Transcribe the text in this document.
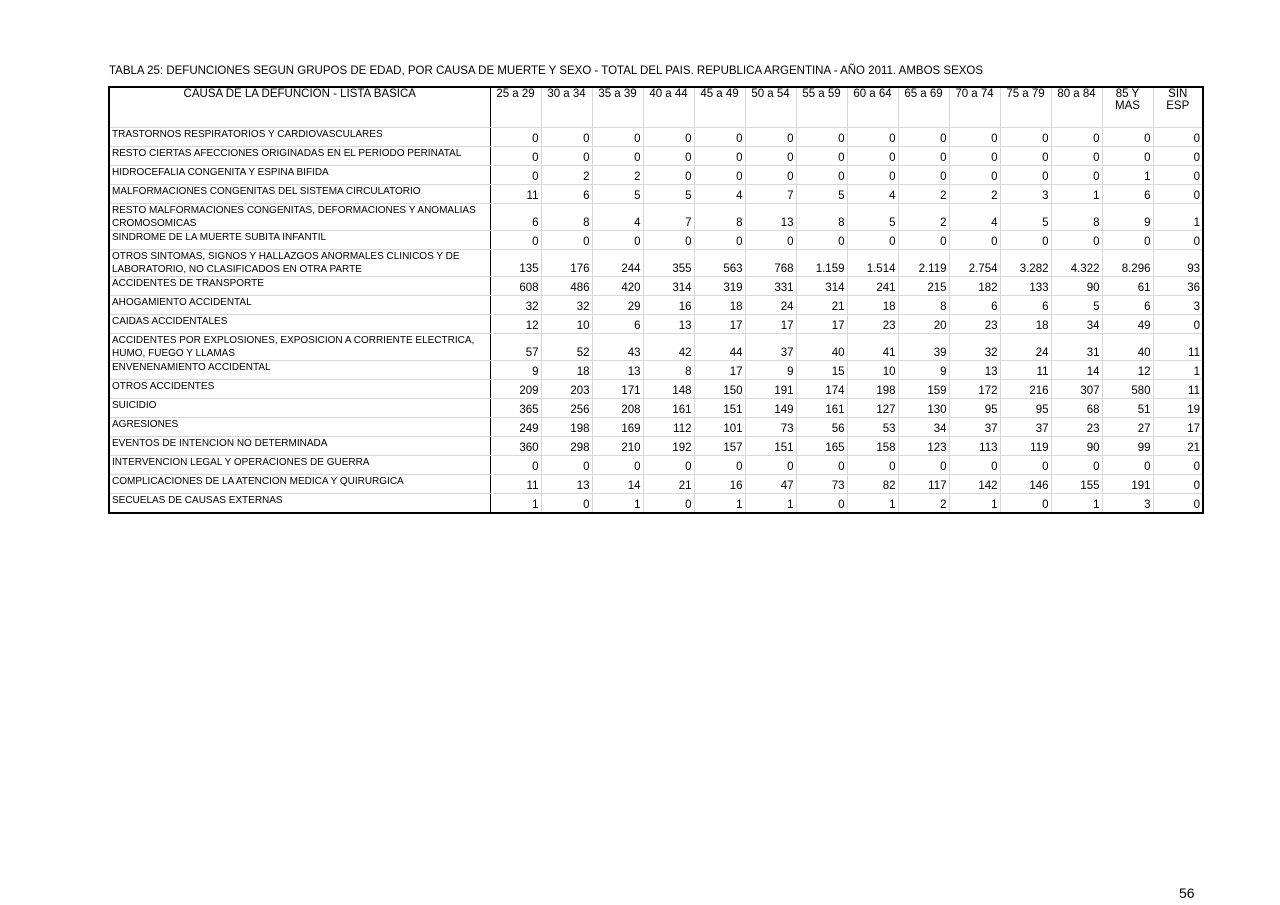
TABLA 25: DEFUNCIONES SEGUN GRUPOS DE EDAD, POR CAUSA DE MUERTE Y SEXO - TOTAL DEL PAIS. REPUBLICA ARGENTINA - AÑO 2011. AMBOS SEXOS
CAUSA DE LA DEFUNCION - LISTA BASICA	25 a 29	30 a 34	35 a 39	40 a 44	45 a 49	50 a 54	55 a 59	60 a 64	65 a 69	70 a 74	75 a 79	80 a 84	85 Y MAS	SIN ESP
TRASTORNOS RESPIRATORIOS Y CARDIOVASCULARES	0	0	0	0	0	0	0	0	0	0	0	0	0	0
RESTO CIERTAS AFECCIONES ORIGINADAS EN EL PERIODO PERINATAL	0	0	0	0	0	0	0	0	0	0	0	0	0	0
HIDROCEFALIA CONGENITA Y ESPINA BIFIDA	0	2	2	0	0	0	0	0	0	0	0	0	1	0
MALFORMACIONES CONGENITAS DEL SISTEMA CIRCULATORIO	11	6	5	5	4	7	5	4	2	2	3	1	6	0
RESTO MALFORMACIONES CONGENITAS, DEFORMACIONES Y ANOMALIAS CROMOSOMICAS	6	8	4	7	8	13	8	5	2	4	5	8	9	1
SINDROME DE LA MUERTE SUBITA INFANTIL	0	0	0	0	0	0	0	0	0	0	0	0	0	0
OTROS SINTOMAS, SIGNOS Y HALLAZGOS ANORMALES CLINICOS Y DE LABORATORIO, NO CLASIFICADOS EN OTRA PARTE	135	176	244	355	563	768	1.159	1.514	2.119	2.754	3.282	4.322	8.296	93
ACCIDENTES DE TRANSPORTE	608	486	420	314	319	331	314	241	215	182	133	90	61	36
AHOGAMIENTO ACCIDENTAL	32	32	29	16	18	24	21	18	8	6	6	5	6	3
CAIDAS ACCIDENTALES	12	10	6	13	17	17	17	23	20	23	18	34	49	0
ACCIDENTES POR EXPLOSIONES, EXPOSICION A CORRIENTE ELECTRICA, HUMO, FUEGO Y LLAMAS	57	52	43	42	44	37	40	41	39	32	24	31	40	11
ENVENENAMIENTO ACCIDENTAL	9	18	13	8	17	9	15	10	9	13	11	14	12	1
OTROS ACCIDENTES	209	203	171	148	150	191	174	198	159	172	216	307	580	11
SUICIDIO	365	256	208	161	151	149	161	127	130	95	95	68	51	19
AGRESIONES	249	198	169	112	101	73	56	53	34	37	37	23	27	17
EVENTOS DE INTENCION NO DETERMINADA	360	298	210	192	157	151	165	158	123	113	119	90	99	21
INTERVENCION LEGAL Y OPERACIONES DE GUERRA	0	0	0	0	0	0	0	0	0	0	0	0	0	0
COMPLICACIONES DE LA ATENCION MEDICA Y QUIRURGICA	11	13	14	21	16	47	73	82	117	142	146	155	191	0
SECUELAS DE CAUSAS EXTERNAS	1	0	1	0	1	1	0	1	2	1	0	1	3	0
56
